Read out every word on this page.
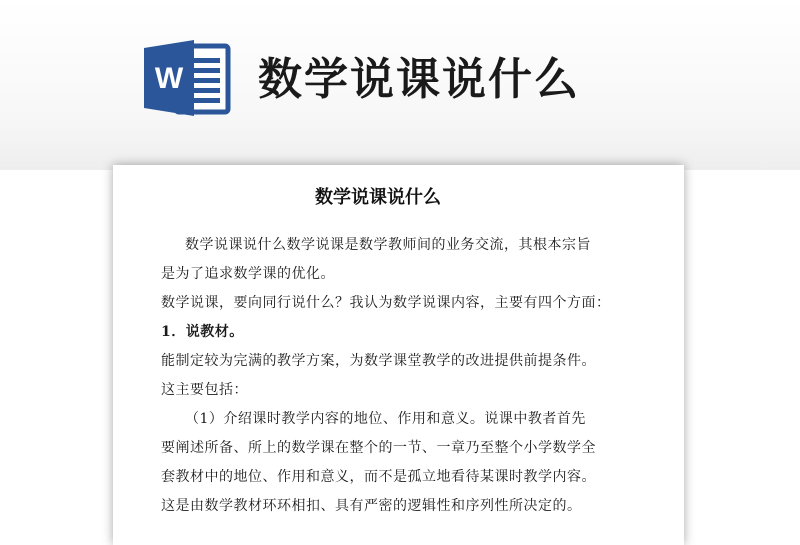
W 数学说课说什么
数学说课说什么
数学说课说什么数学说课是数学教师间的业务交流，其根本宗旨
是为了追求数学课的优化。
数学说课，要向同行说什么？我认为数学说课内容，主要有四个方面：
1．说教材。
能制定较为完满的教学方案，为数学课堂教学的改进提供前提条件。
这主要包括：
（1）介绍课时教学内容的地位、作用和意义。说课中教者首先
要阐述所备、所上的数学课在整个的一节、一章乃至整个小学数学全
套教材中的地位、作用和意义，而不是孤立地看待某课时教学内容。
这是由数学教材环环相扣、具有严密的逻辑性和序列性所决定的。
